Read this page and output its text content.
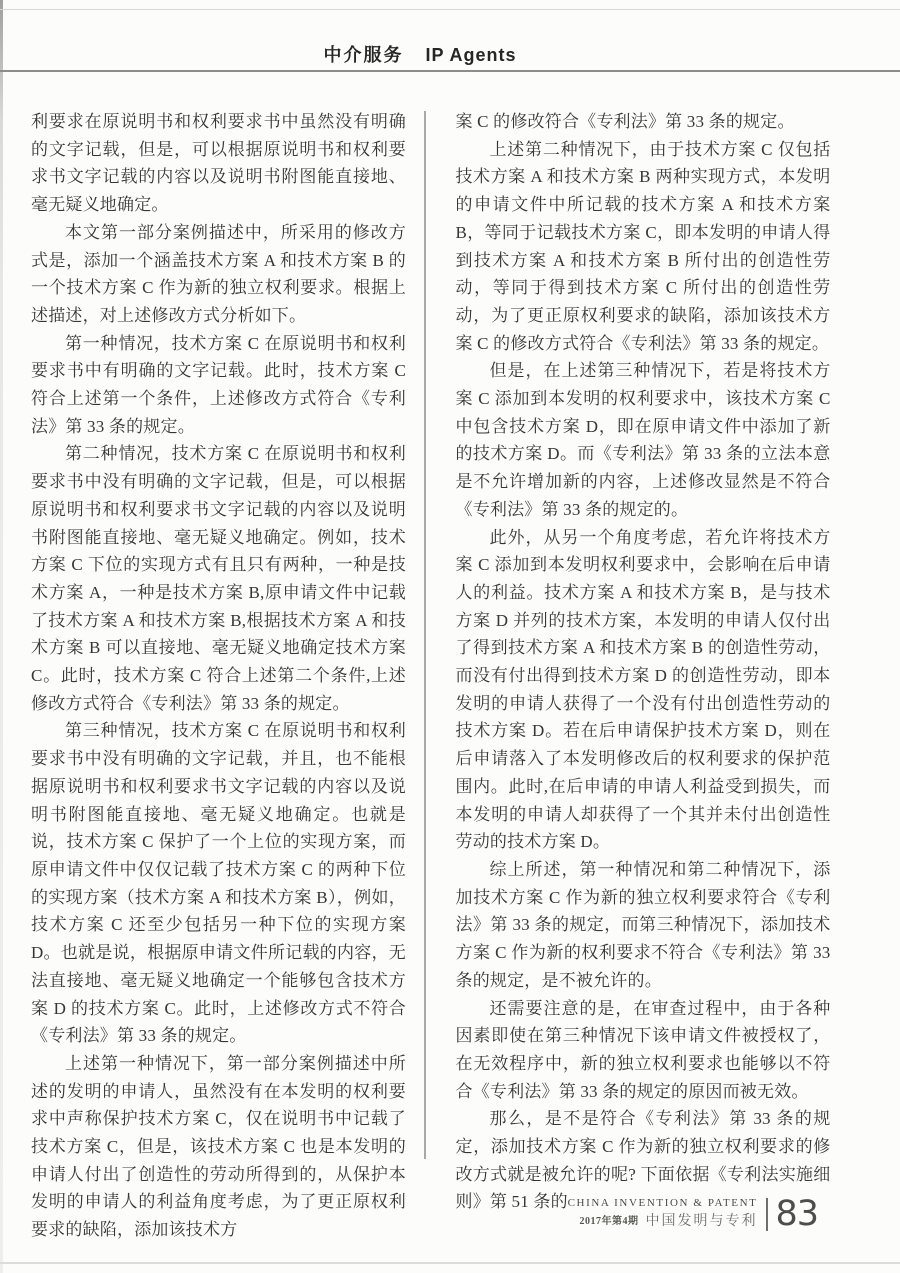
中介服务 IP Agents

利要求在原说明书和权利要求书中虽然没有明确的文字记载，但是，可以根据原说明书和权利要求书文字记载的内容以及说明书附图能直接地、毫无疑义地确定。

本文第一部分案例描述中，所采用的修改方式是，添加一个涵盖技术方案 A 和技术方案 B 的一个技术方案 C 作为新的独立权利要求。根据上述描述，对上述修改方式分析如下。

第一种情况，技术方案 C 在原说明书和权利要求书中有明确的文字记载。此时，技术方案 C 符合上述第一个条件，上述修改方式符合《专利法》第 33 条的规定。

第二种情况，技术方案 C 在原说明书和权利要求书中没有明确的文字记载，但是，可以根据原说明书和权利要求书文字记载的内容以及说明书附图能直接地、毫无疑义地确定。例如，技术方案 C 下位的实现方式有且只有两种，一种是技术方案 A，一种是技术方案 B,原申请文件中记载了技术方案 A 和技术方案 B,根据技术方案 A 和技术方案 B 可以直接地、毫无疑义地确定技术方案 C。此时，技术方案 C 符合上述第二个条件,上述修改方式符合《专利法》第 33 条的规定。

第三种情况，技术方案 C 在原说明书和权利要求书中没有明确的文字记载，并且，也不能根据原说明书和权利要求书文字记载的内容以及说明书附图能直接地、毫无疑义地确定。也就是说，技术方案 C 保护了一个上位的实现方案，而原申请文件中仅仅记载了技术方案 C 的两种下位的实现方案（技术方案 A 和技术方案 B），例如，技术方案 C 还至少包括另一种下位的实现方案 D。也就是说，根据原申请文件所记载的内容，无法直接地、毫无疑义地确定一个能够包含技术方案 D 的技术方案 C。此时，上述修改方式不符合《专利法》第 33 条的规定。

上述第一种情况下，第一部分案例描述中所述的发明的申请人，虽然没有在本发明的权利要求中声称保护技术方案 C，仅在说明书中记载了技术方案 C，但是，该技术方案 C 也是本发明的申请人付出了创造性的劳动所得到的，从保护本发明的申请人的利益角度考虑，为了更正原权利要求的缺陷，添加该技术方

案 C 的修改符合《专利法》第 33 条的规定。

上述第二种情况下，由于技术方案 C 仅包括技术方案 A 和技术方案 B 两种实现方式，本发明的申请文件中所记载的技术方案 A 和技术方案 B，等同于记载技术方案 C，即本发明的申请人得到技术方案 A 和技术方案 B 所付出的创造性劳动，等同于得到技术方案 C 所付出的创造性劳动，为了更正原权利要求的缺陷，添加该技术方案 C 的修改方式符合《专利法》第 33 条的规定。

但是，在上述第三种情况下，若是将技术方案 C 添加到本发明的权利要求中，该技术方案 C 中包含技术方案 D，即在原申请文件中添加了新的技术方案 D。而《专利法》第 33 条的立法本意是不允许增加新的内容，上述修改显然是不符合《专利法》第 33 条的规定的。

此外，从另一个角度考虑，若允许将技术方案 C 添加到本发明权利要求中，会影响在后申请人的利益。技术方案 A 和技术方案 B，是与技术方案 D 并列的技术方案，本发明的申请人仅付出了得到技术方案 A 和技术方案 B 的创造性劳动，而没有付出得到技术方案 D 的创造性劳动，即本发明的申请人获得了一个没有付出创造性劳动的技术方案 D。若在后申请保护技术方案 D，则在后申请落入了本发明修改后的权利要求的保护范围内。此时,在后申请的申请人利益受到损失，而本发明的申请人却获得了一个其并未付出创造性劳动的技术方案 D。

综上所述，第一种情况和第二种情况下，添加技术方案 C 作为新的独立权利要求符合《专利法》第 33 条的规定，而第三种情况下，添加技术方案 C 作为新的权利要求不符合《专利法》第 33 条的规定，是不被允许的。

还需要注意的是，在审查过程中，由于各种因素即使在第三种情况下该申请文件被授权了，在无效程序中，新的独立权利要求也能够以不符合《专利法》第 33 条的规定的原因而被无效。

那么，是不是符合《专利法》第 33 条的规定，添加技术方案 C 作为新的独立权利要求的修改方式就是被允许的呢? 下面依据《专利法实施细则》第 51 条的 CHINA INVENTION & PATENT
2017年第4期 中国发明与专利 83
